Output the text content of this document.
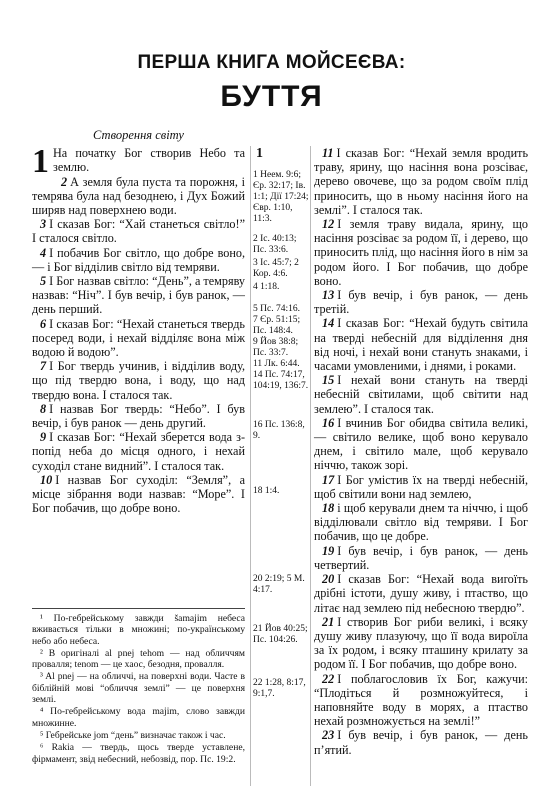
ПЕРША КНИГА МОЙСЕЄВА:
БУТТЯ
Створення світу

1 На початку Бог створив Небо та землю.

2 А земля була пуста та порожня, і темрява була над безоднею, і Дух Божий ширяв над поверхнею води.

3 І сказав Бог: “Хай станеться світло!” І сталося світло.

4 І побачив Бог світло, що добре воно, — і Бог відділив світло від темряви.

5 І Бог назвав світло: “День”, а темряву назвав: “Ніч”. І був вечір, і був ранок, — день перший.

6 І сказав Бог: “Нехай станеться твердь посеред води, і нехай відділяє вона між водою й водою”.

7 І Бог твердь учинив, і відділив воду, що під твердю вона, і воду, що над твердю вона. І сталося так.

8 І назвав Бог твердь: “Небо”. І був вечір, і був ранок — день другий.

9 І сказав Бог: “Нехай зберется вода з-попід неба до місця одного, і нехай суходіл стане видний”. І сталося так.

10 І назвав Бог суходіл: “Земля”, а місце зібрання води назвав: “Море”. І Бог побачив, що добре воно.

1
1 Неем. 9:6; Єр. 32:17; Ів. 1:1; Дії 17:24; Євр. 1:10, 11:3.
2 Іс. 40:13; Пс. 33:6.
3 Іс. 45:7; 2 Кор. 4:6.
4 1:18.
5 Пс. 74:16.
7 Єр. 51:15; Пс. 148:4.
9 Йов 38:8; Пс. 33:7.
11 Лк. 6:44.
14 Пс. 74:17, 104:19, 136:7.
16 Пс. 136:8, 9.
18 1:4.
20 2:19; 5 М. 4:17.
21 Йов 40:25; Пс. 104:26.
22 1:28, 8:17, 9:1,7.

11 І сказав Бог: “Нехай земля вродить траву, ярину, що насіння вона розсіває, дерево овочеве, що за родом своїм плід приносить, що в ньому насіння його на землі”. І сталося так.

12 І земля траву видала, ярину, що насіння розсіває за родом її, і дерево, що приносить плід, що насіння його в нім за родом його. І Бог побачив, що добре воно.

13 І був вечір, і був ранок, — день третій.

14 І сказав Бог: “Нехай будуть світила на тверді небесній для відділення дня від ночі, і нехай вони стануть знаками, і часами умовленими, і днями, і роками.

15 І нехай вони стануть на тверді небесній світилами, щоб світити над землею”. І сталося так.

16 І вчинив Бог обидва світила великі, — світило велике, щоб воно керувало днем, і світило мале, щоб керувало ніччю, також зорі.

17 І Бог умістив їх на тверді небесній, щоб світили вони над землею,

18 і щоб керували днем та ніччю, і щоб відділювали світло від темряви. І Бог побачив, що це добре.

19 І був вечір, і був ранок, — день четвертий.

20 І сказав Бог: “Нехай вода виroїть дрібні істоти, душу живу, і птаство, що літає над землею під небесною твердю”.

21 І створив Бог риби великі, і всяку душу живу плазуючу, що її вода вироїла за їх родом, і всяку пташину крилату за родом її. І Бог побачив, що добре воно.

22 І поблагословив їх Бог, кажучи: “Плодіться й розмножуйтеся, і наповняйте воду в морях, а птаство нехай розмножується на землі!”

23 І був вечір, і був ранок, — день п’ятий.

¹ По-гебрейському завжди šamajim небеса вживається тільки в множині; по-українському небо або небеса.

² В оригіналі al pnej tehom — над обличчям провалля; tenom — це хаос, безодня, провалля.

³ Al pnej — на обличчі, на поверхні води. Часте в біблійній мові “обличчя землі” — це поверхня землі.

⁴ По-гебрейському вода majim, слово завжди множинне.

⁵ Гебрейське jom “день” визначає також і час.

⁶ Rakia — твердь, щось тверде уставлене, фірмамент, звід небесний, небозвід, пор. Пс. 19:2.
